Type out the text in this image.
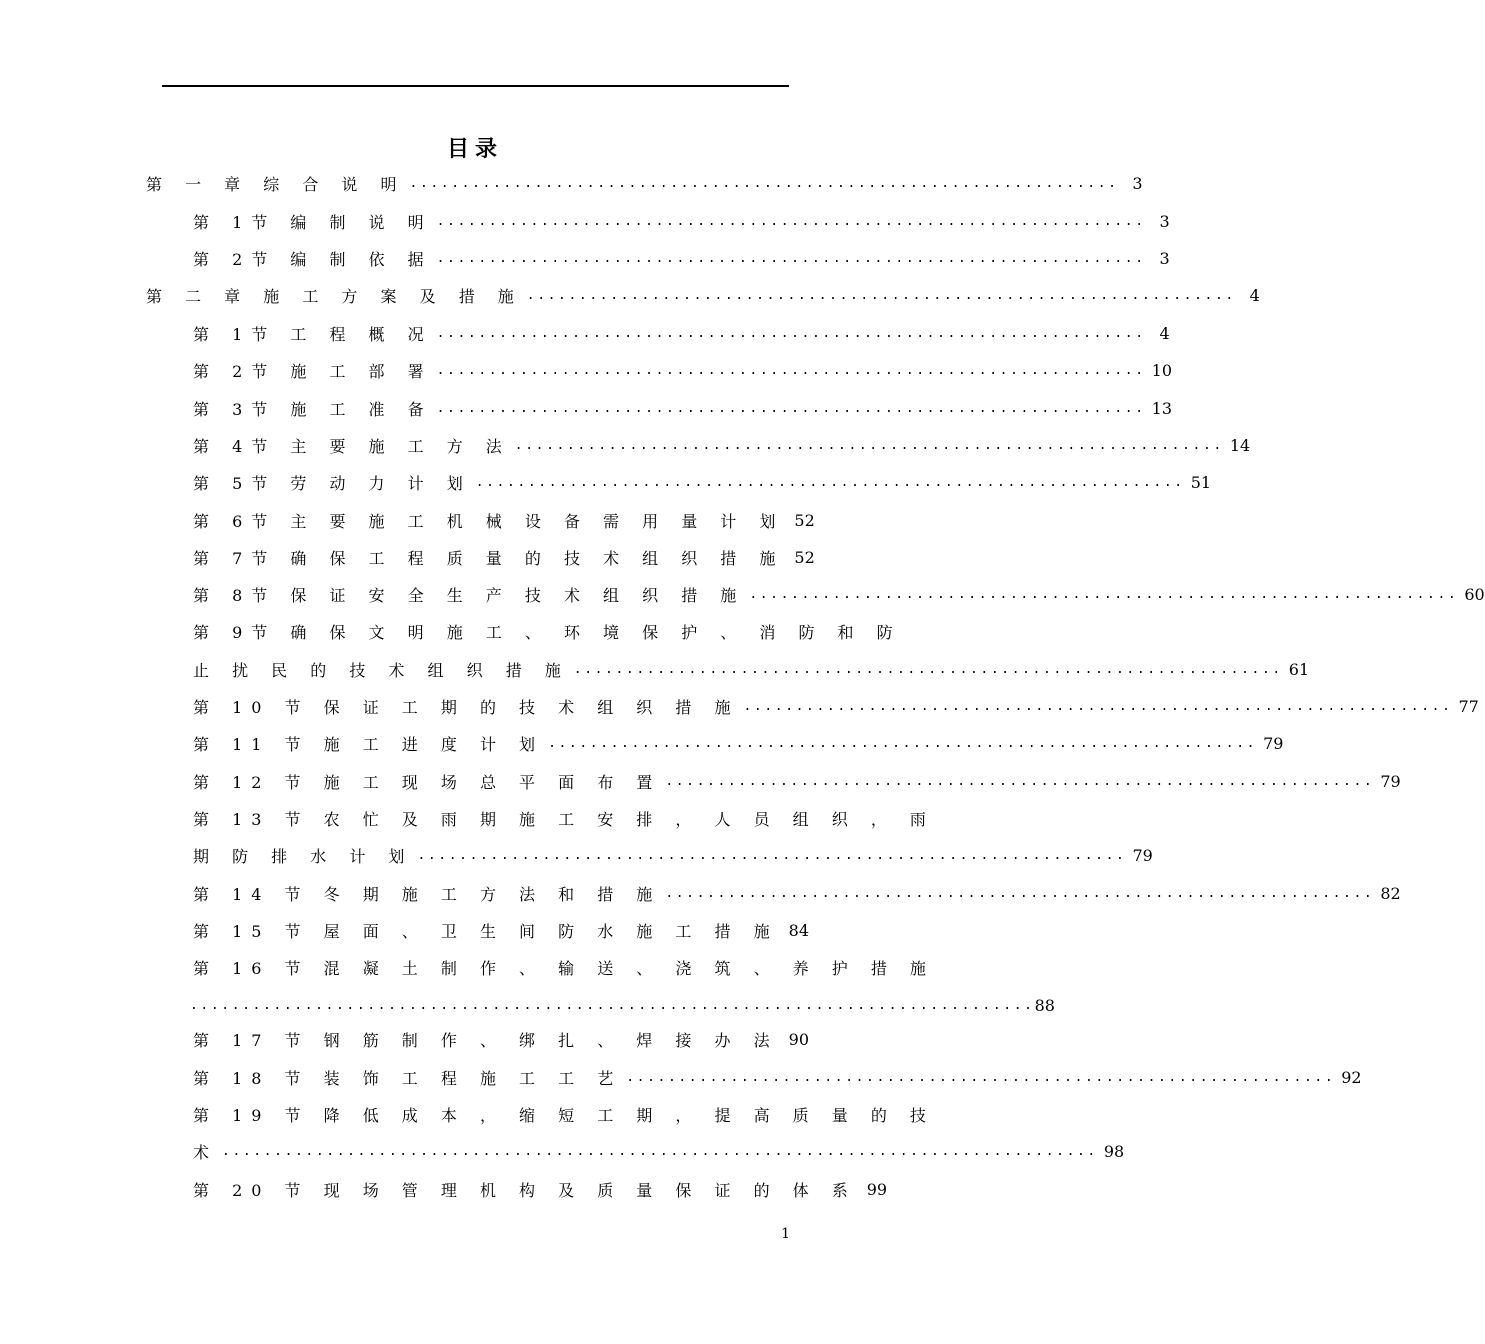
目录
第 一 章 综 合 说 明 .................................................................... 3
第 1节 编 制 说 明 .................................................................... 3
第 2节 编 制 依 据 .................................................................... 3
第 二 章 施 工 方 案 及 措 施 .................................................................... 4
第 1节 工 程 概 况 .................................................................... 4
第 2节 施 工 部 署 .................................................................... 10
第 3节 施 工 准 备 .................................................................... 13
第 4节 主 要 施 工 方 法 .................................................................... 14
第 5节 劳 动 力 计 划 .................................................................... 51
第 6节 主 要 施 工 机 械 设 备 需 用 量 计 划 52
第 7节 确 保 工 程 质 量 的 技 术 组 织 措 施 52
第 8节 保 证 安 全 生 产 技 术 组 织 措 施 .................................................................... 60
第 9节 确 保 文 明 施 工 、 环 境 保 护 、 消 防 和 防
止 扰 民 的 技 术 组 织 措 施 .................................................................... 61
第 10 节 保 证 工 期 的 技 术 组 织 措 施 .................................................................... 77
第 11 节 施 工 进 度 计 划 .................................................................... 79
第 12 节 施 工 现 场 总 平 面 布 置 .................................................................... 79
第 13 节 农 忙 及 雨 期 施 工 安 排 ， 人 员 组 织 ， 雨
期 防 排 水 计 划 .................................................................... 79
第 14 节 冬 期 施 工 方 法 和 措 施 .................................................................... 82
第 15 节 屋 面 、 卫 生 间 防 水 施 工 措 施 84
第 16 节 混 凝 土 制 作 、 输 送 、 浇 筑 、 养 护 措 施
................................................................................. 88
第 17 节 钢 筋 制 作 、 绑 扎 、 焊 接 办 法 90
第 18 节 装 饰 工 程 施 工 工 艺 .................................................................... 92
第 19 节 降 低 成 本 ， 缩 短 工 期 ， 提 高 质 量 的 技
术 .................................................................................... 98
第 20 节 现 场 管 理 机 构 及 质 量 保 证 的 体 系 99
1
